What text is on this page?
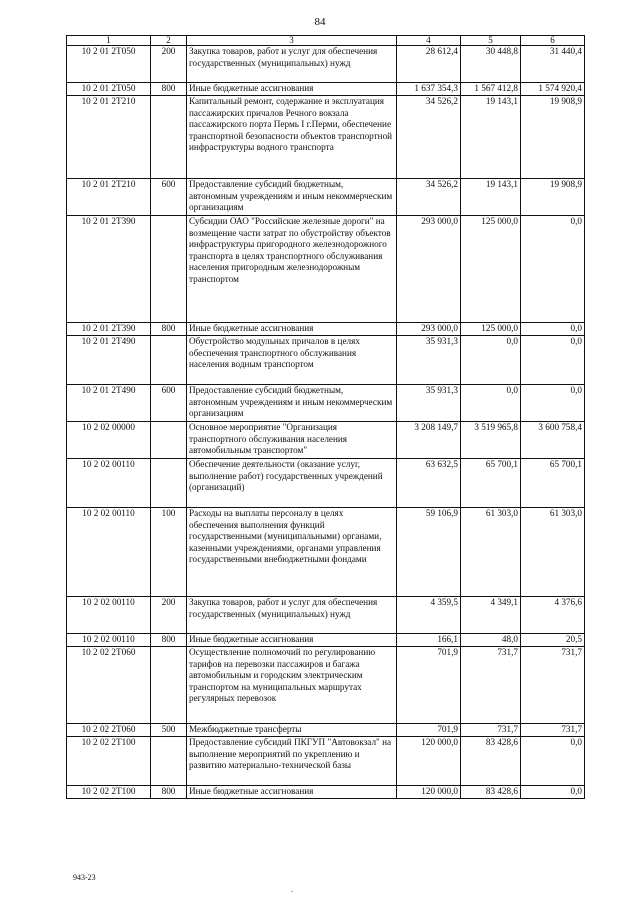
84
1	2	3	4	5	6
10 2 01 2Т050	200	Закупка товаров, работ и услуг для обеспечения государственных (муниципальных) нужд	28 612,4	30 448,8	31 440,4
10 2 01 2Т050	800	Иные бюджетные ассигнования	1 637 354,3	1 567 412,8	1 574 920,4
10 2 01 2Т210		Капитальный ремонт, содержание и эксплуатация пассажирских причалов Речного вокзала пассажирского порта Пермь I г.Перми, обеспечение транспортной безопасности объектов транспортной инфраструктуры водного транспорта	34 526,2	19 143,1	19 908,9
10 2 01 2Т210	600	Предоставление субсидий бюджетным, автономным учреждениям и иным некоммерческим организациям	34 526,2	19 143,1	19 908,9
10 2 01 2Т390		Субсидии ОАО "Российские железные дороги" на возмещение части затрат по обустройству объектов инфраструктуры пригородного железнодорожного транспорта в целях транспортного обслуживания населения пригородным железнодорожным транспортом	293 000,0	125 000,0	0,0
10 2 01 2Т390	800	Иные бюджетные ассигнования	293 000,0	125 000,0	0,0
10 2 01 2Т490		Обустройство модульных причалов в целях обеспечения транспортного обслуживания населения водным транспортом	35 931,3	0,0	0,0
10 2 01 2Т490	600	Предоставление субсидий бюджетным, автономным учреждениям и иным некоммерческим организациям	35 931,3	0,0	0,0
10 2 02 00000		Основное мероприятие "Организация транспортного обслуживания населения автомобильным транспортом"	3 208 149,7	3 519 965,8	3 600 758,4
10 2 02 00110		Обеспечение деятельности (оказание услуг, выполнение работ) государственных учреждений (организаций)	63 632,5	65 700,1	65 700,1
10 2 02 00110	100	Расходы на выплаты персоналу в целях обеспечения выполнения функций государственными (муниципальными) органами, казенными учреждениями, органами управления государственными внебюджетными фондами	59 106,9	61 303,0	61 303,0
10 2 02 00110	200	Закупка товаров, работ и услуг для обеспечения государственных (муниципальных) нужд	4 359,5	4 349,1	4 376,6
10 2 02 00110	800	Иные бюджетные ассигнования	166,1	48,0	20,5
10 2 02 2Т060		Осуществление полномочий по регулированию тарифов на перевозки пассажиров и багажа автомобильным и городским электрическим транспортом на муниципальных маршрутах регулярных перевозок	701,9	731,7	731,7
10 2 02 2Т060	500	Межбюджетные трансферты	701,9	731,7	731,7
10 2 02 2Т100		Предоставление субсидий ПКГУП "Автовокзал" на выполнение мероприятий по укреплению и развитию материально-технической базы	120 000,0	83 428,6	0,0
10 2 02 2Т100	800	Иные бюджетные ассигнования	120 000,0	83 428,6	0,0
943-23
.
